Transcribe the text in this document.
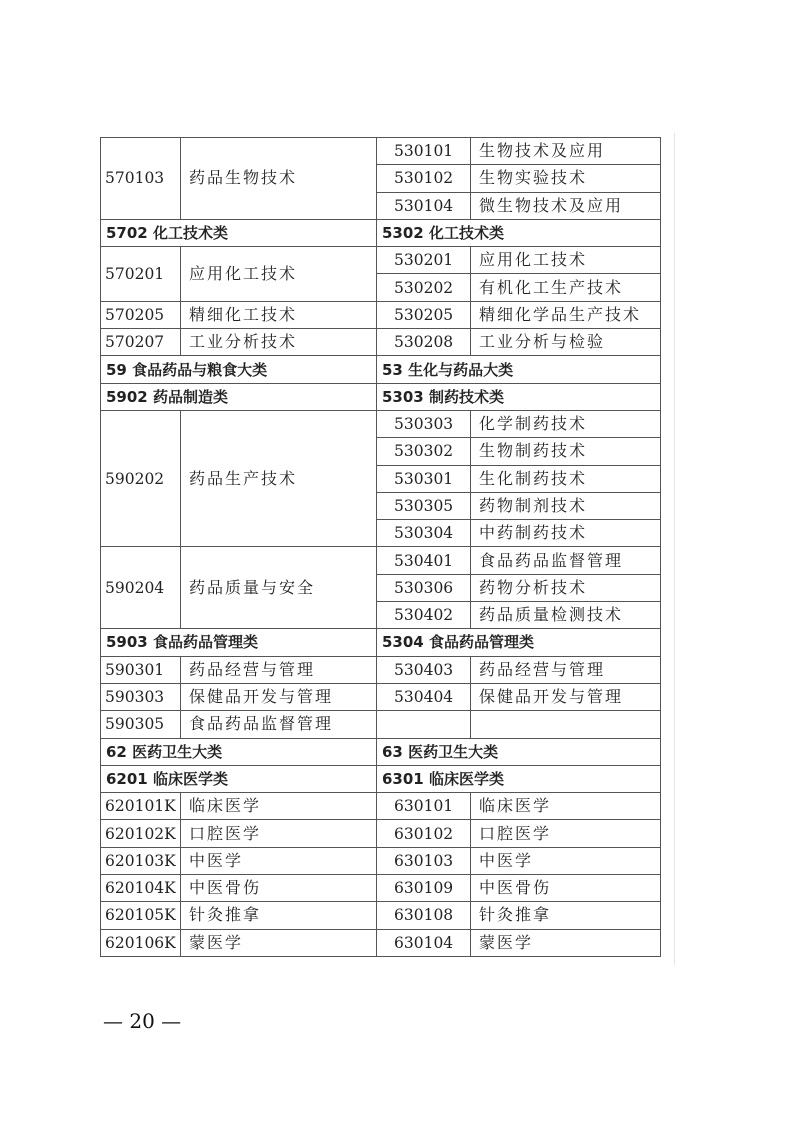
570103	药品生物技术	530101	生物技术及应用
		530102	生物实验技术
		530104	微生物技术及应用
5702 化工技术类		5302 化工技术类	
570201	应用化工技术	530201	应用化工技术
		530202	有机化工生产技术
570205	精细化工技术	530205	精细化学品生产技术
570207	工业分析技术	530208	工业分析与检验
59 食品药品与粮食大类		53 生化与药品大类	
5902 药品制造类		5303 制药技术类	
590202	药品生产技术	530303	化学制药技术
		530302	生物制药技术
		530301	生化制药技术
		530305	药物制剂技术
		530304	中药制药技术
590204	药品质量与安全	530401	食品药品监督管理
		530306	药物分析技术
		530402	药品质量检测技术
5903 食品药品管理类		5304 食品药品管理类	
590301	药品经营与管理	530403	药品经营与管理
590303	保健品开发与管理	530404	保健品开发与管理
590305	食品药品监督管理		
62 医药卫生大类		63 医药卫生大类	
6201 临床医学类		6301 临床医学类	
620101K	临床医学	630101	临床医学
620102K	口腔医学	630102	口腔医学
620103K	中医学	630103	中医学
620104K	中医骨伤	630109	中医骨伤
620105K	针灸推拿	630108	针灸推拿
620106K	蒙医学	630104	蒙医学
— 20 —
